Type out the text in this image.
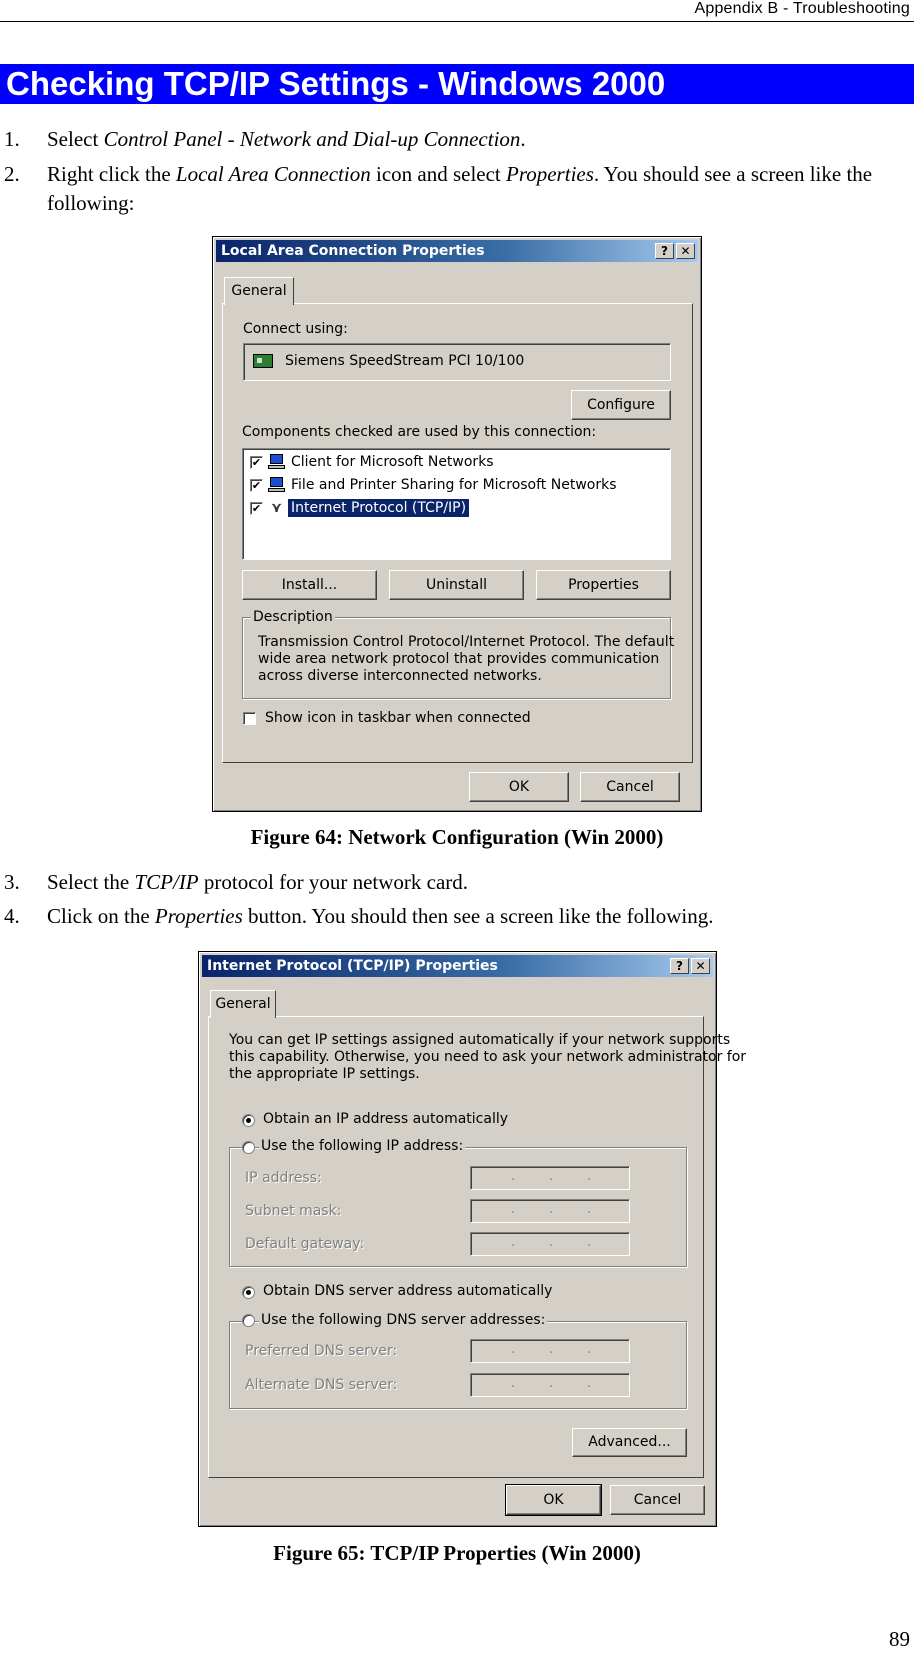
Appendix B - Troubleshooting
Checking TCP/IP Settings - Windows 2000
1.	Select Control Panel - Network and Dial-up Connection.
2.	Right click the Local Area Connection icon and select Properties. You should see a screen like the following:
Local Area Connection Properties	?	✕
General
Connect using:
Siemens SpeedStream PCI 10/100
Configure
Components checked are used by this connection:
✔ Client for Microsoft Networks
✔ File and Printer Sharing for Microsoft Networks
✔ ⋎ Internet Protocol (TCP/IP)
Install...	Uninstall	Properties
Description
Transmission Control Protocol/Internet Protocol. The default
wide area network protocol that provides communication
across diverse interconnected networks.
Show icon in taskbar when connected
OK	Cancel
Figure 64: Network Configuration (Win 2000)
3.	Select the TCP/IP protocol for your network card.
4.	Click on the Properties button. You should then see a screen like the following.
Internet Protocol (TCP/IP) Properties	?	✕
General
You can get IP settings assigned automatically if your network supports
this capability. Otherwise, you need to ask your network administrator for
the appropriate IP settings.
Obtain an IP address automatically
Use the following IP address:
IP address:	.	.	.
Subnet mask:	.	.	.
Default gateway:	.	.	.
Obtain DNS server address automatically
Use the following DNS server addresses:
Preferred DNS server:	.	.	.
Alternate DNS server:	.	.	.
Advanced...
OK	Cancel
Figure 65: TCP/IP Properties (Win 2000)
89
